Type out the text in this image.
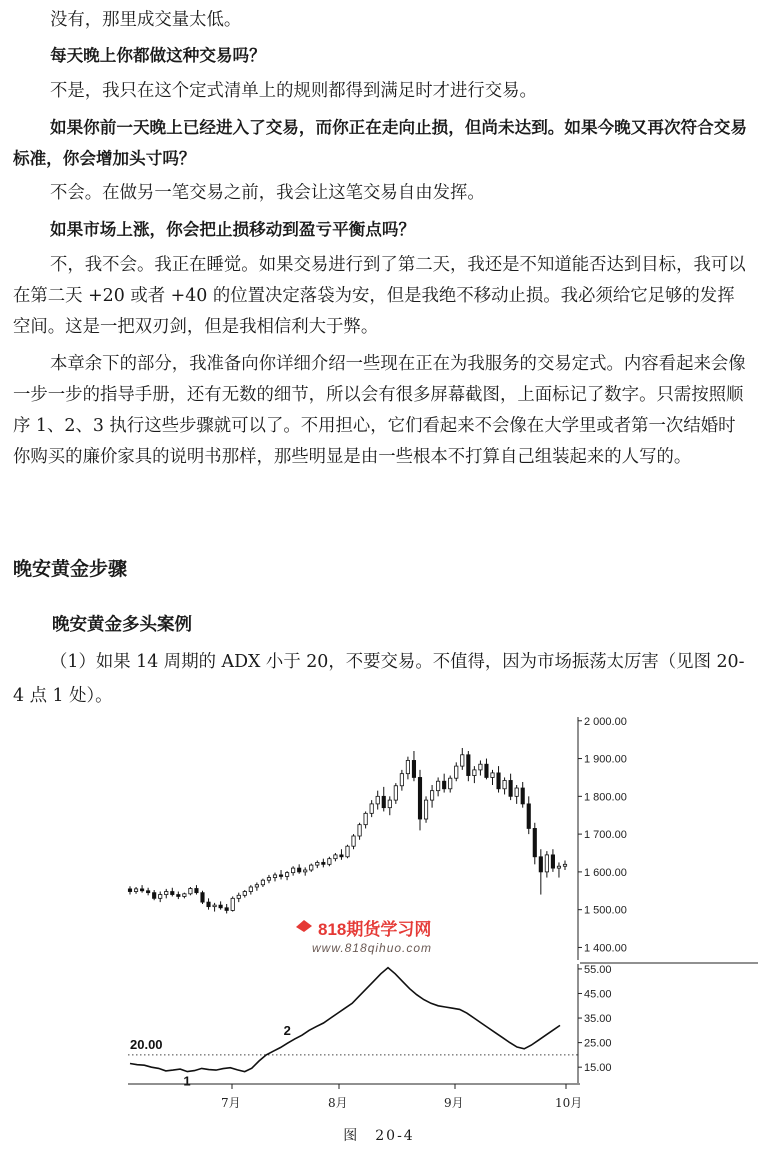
没有，那里成交量太低。

每天晚上你都做这种交易吗？

不是，我只在这个定式清单上的规则都得到满足时才进行交易。

如果你前一天晚上已经进入了交易，而你正在走向止损，但尚未达到。如果今晚又再次符合交易标准，你会增加头寸吗？

不会。在做另一笔交易之前，我会让这笔交易自由发挥。

如果市场上涨，你会把止损移动到盈亏平衡点吗？

不，我不会。我正在睡觉。如果交易进行到了第二天，我还是不知道能否达到目标，我可以在第二天 +20 或者 +40 的位置决定落袋为安，但是我绝不移动止损。我必须给它足够的发挥空间。这是一把双刃剑，但是我相信利大于弊。

本章余下的部分，我准备向你详细介绍一些现在正在为我服务的交易定式。内容看起来会像一步一步的指导手册，还有无数的细节，所以会有很多屏幕截图，上面标记了数字。只需按照顺序 1、2、3 执行这些步骤就可以了。不用担心，它们看起来不会像在大学里或者第一次结婚时你购买的廉价家具的说明书那样，那些明显是由一些根本不打算自己组装起来的人写的。

晚安黄金步骤
晚安黄金多头案例

（1）如果 14 周期的 ADX 小于 20，不要交易。不值得，因为市场振荡太厉害（见图 20-4 点 1 处）。

2 000.00
1 900.00
1 800.00
1 700.00
1 600.00
1 500.00
1 400.00
55.00
45.00
35.00
25.00
15.00
20.00
1
2
7月	8月	9月	10月
818期货学习网
www.818qihuo.com

图　20-4
